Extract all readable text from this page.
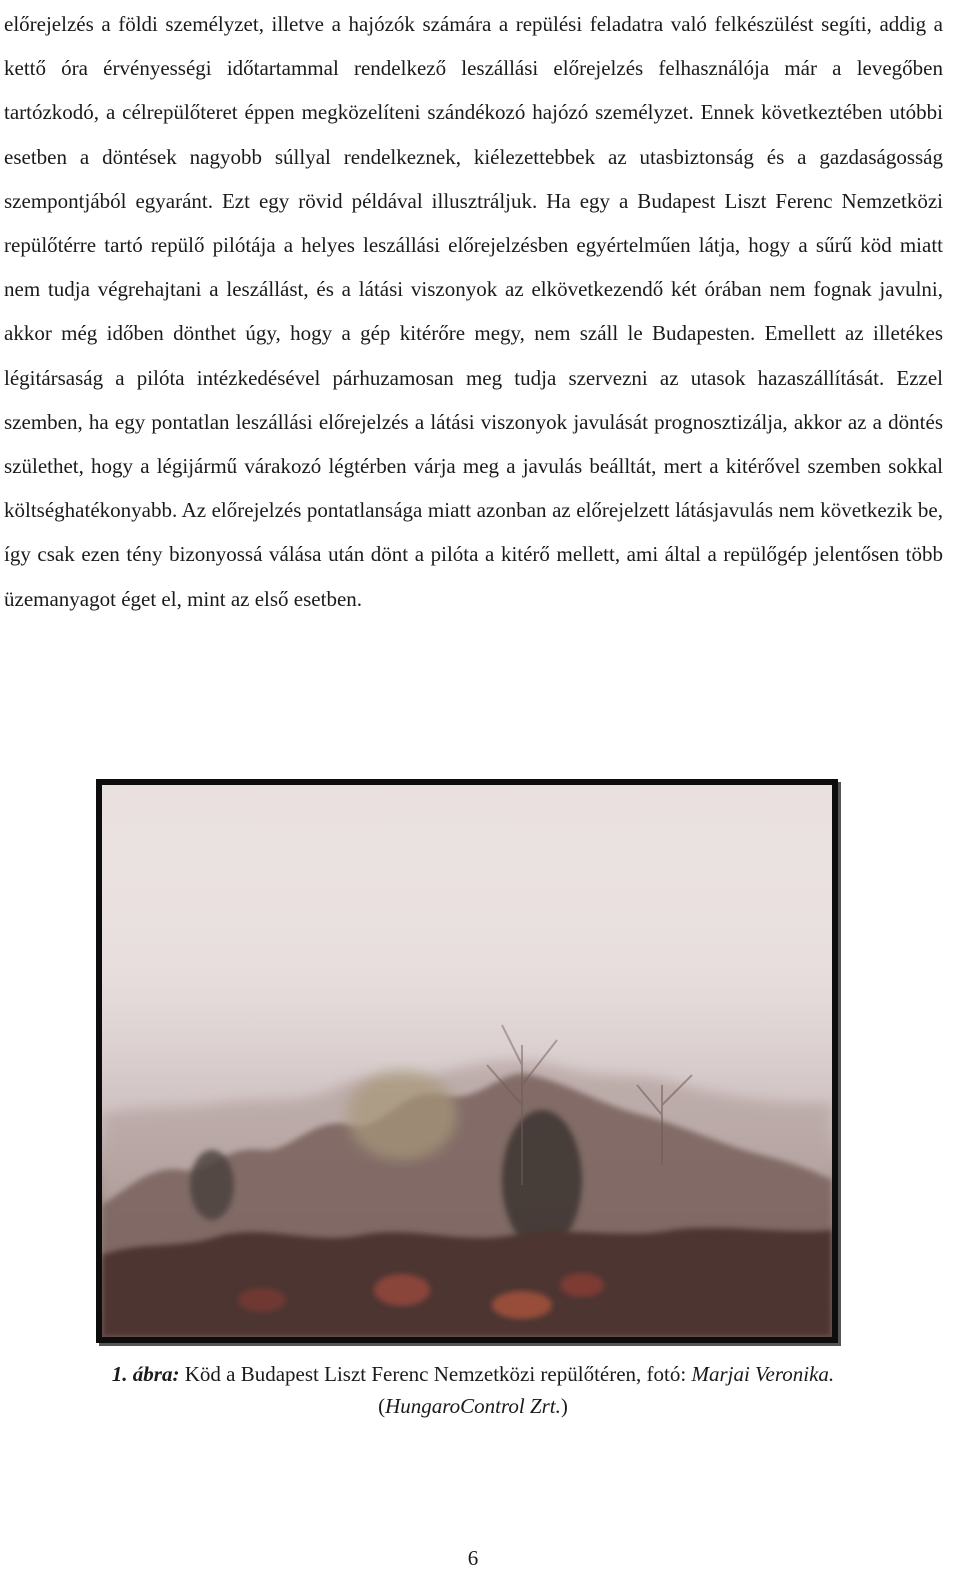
előrejelzés a földi személyzet, illetve a hajózók számára a repülési feladatra való felkészülést segíti, addig a kettő óra érvényességi időtartammal rendelkező leszállási előrejelzés felhasználója már a levegőben tartózkodó, a célrepülőteret éppen megközelíteni szándékozó hajózó személyzet. Ennek következtében utóbbi esetben a döntések nagyobb súllyal rendelkeznek, kiélezettebbek az utasbiztonság és a gazdaságosság szempontjából egyaránt. Ezt egy rövid példával illusztráljuk. Ha egy a Budapest Liszt Ferenc Nemzetközi repülőtérre tartó repülő pilótája a helyes leszállási előrejelzésben egyértelműen látja, hogy a sűrű köd miatt nem tudja végrehajtani a leszállást, és a látási viszonyok az elkövetkezendő két órában nem fognak javulni, akkor még időben dönthet úgy, hogy a gép kitérőre megy, nem száll le Budapesten. Emellett az illetékes légitársaság a pilóta intézkedésével párhuzamosan meg tudja szervezni az utasok hazaszállítását. Ezzel szemben, ha egy pontatlan leszállási előrejelzés a látási viszonyok javulását prognosztizálja, akkor az a döntés születhet, hogy a légijármű várakozó légtérben várja meg a javulás beálltát, mert a kitérővel szemben sokkal költséghatékonyabb. Az előrejelzés pontatlansága miatt azonban az előrejelzett látásjavulás nem következik be, így csak ezen tény bizonyossá válása után dönt a pilóta a kitérő mellett, ami által a repülőgép jelentősen több üzemanyagot éget el, mint az első esetben.

1. ábra: Köd a Budapest Liszt Ferenc Nemzetközi repülőtéren, fotó: Marjai Veronika.

(HungaroControl Zrt.)

6
